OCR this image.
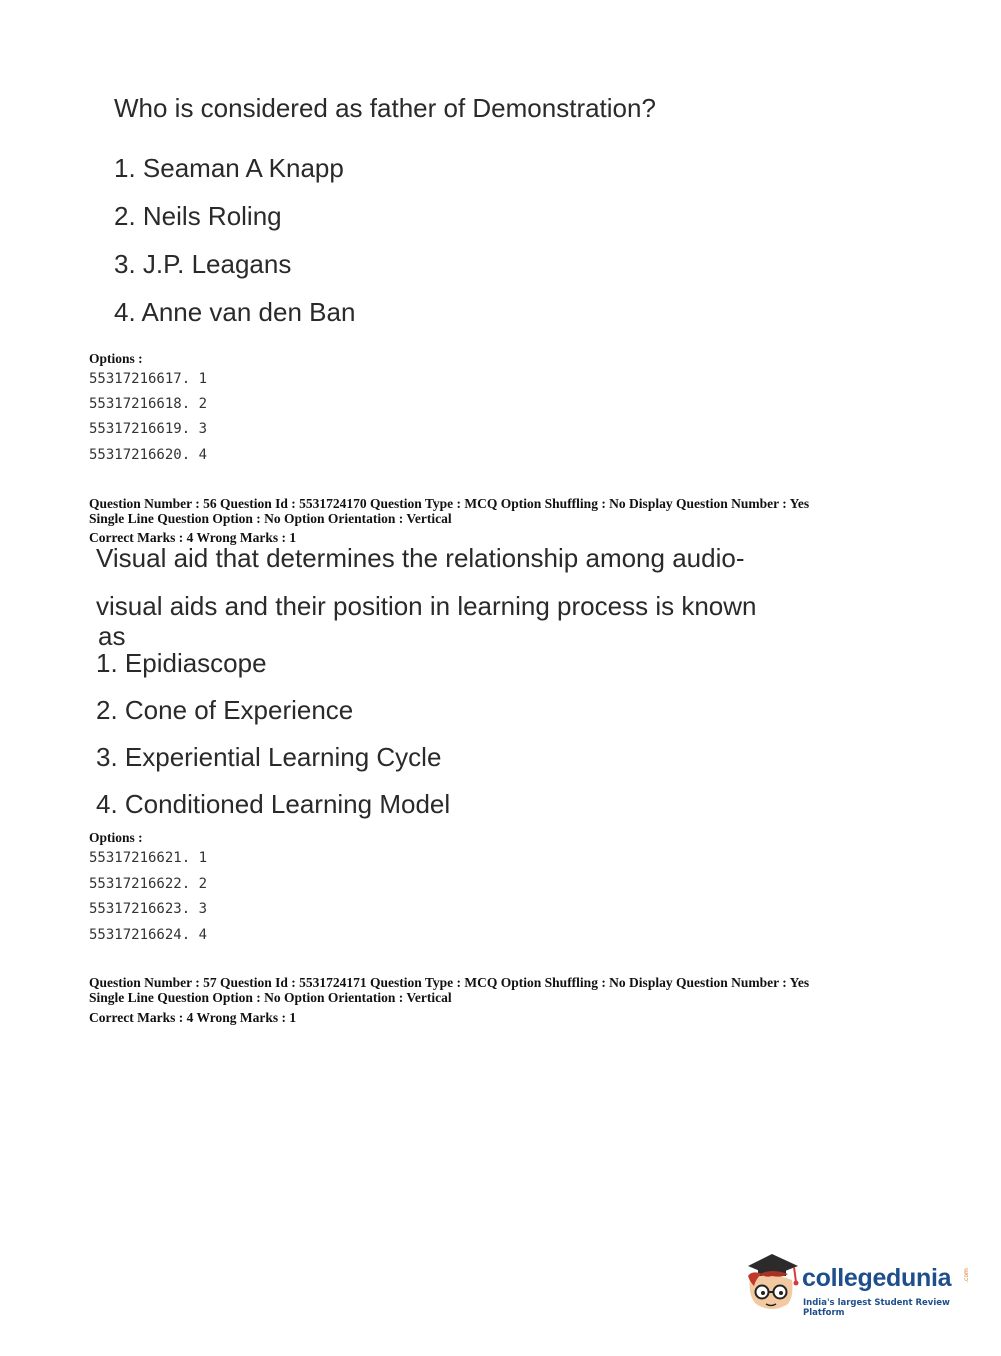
Who is considered as father of Demonstration?
1. Seaman A Knapp
2. Neils Roling
3. J.P. Leagans
4. Anne van den Ban
Options :
55317216617. 1
55317216618. 2
55317216619. 3
55317216620. 4
Question Number : 56 Question Id : 5531724170 Question Type : MCQ Option Shuffling : No Display Question Number : Yes
Single Line Question Option : No Option Orientation : Vertical
Correct Marks : 4 Wrong Marks : 1
Visual aid that determines the relationship among audio-
visual aids and their position in learning process is known
as
1. Epidiascope
2. Cone of Experience
3. Experiential Learning Cycle
4. Conditioned Learning Model
Options :
55317216621. 1
55317216622. 2
55317216623. 3
55317216624. 4
Question Number : 57 Question Id : 5531724171 Question Type : MCQ Option Shuffling : No Display Question Number : Yes
Single Line Question Option : No Option Orientation : Vertical
Correct Marks : 4 Wrong Marks : 1
collegedunia .com
India's largest Student Review Platform
